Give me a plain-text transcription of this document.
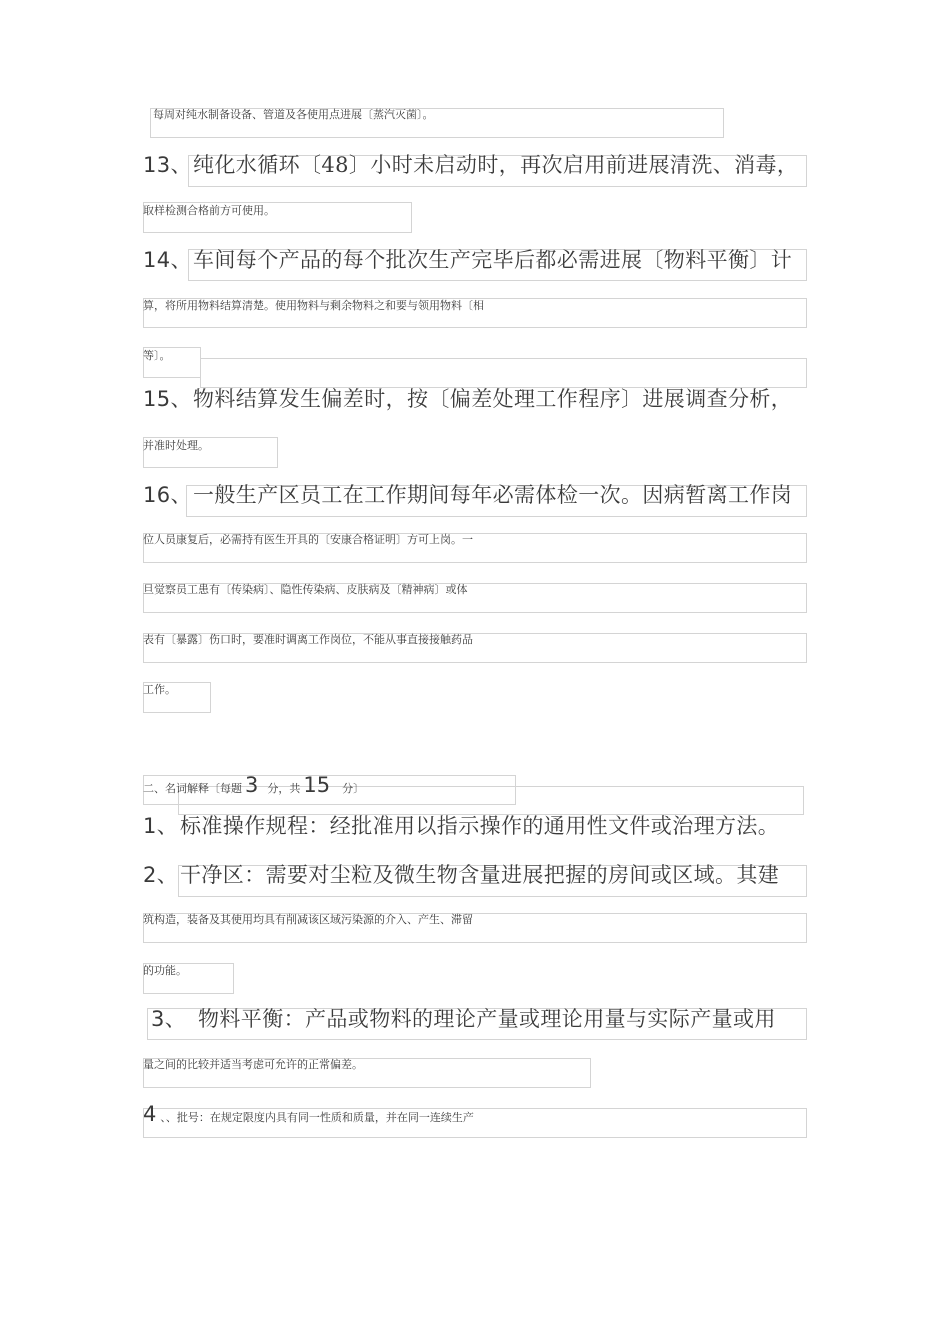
每周对纯水制备设备、管道及各使用点进展〔蒸汽灭菌〕。
13、 纯化水循环〔48〕小时未启动时，再次启用前进展清洗、消毒，
取样检测合格前方可使用。
14、 车间每个产品的每个批次生产完毕后都必需进展〔物料平衡〕计
算，将所用物料结算清楚。使用物料与剩余物料之和要与领用物料〔相
等〕。
15、 物料结算发生偏差时，按〔偏差处理工作程序〕进展调查分析，
并准时处理。
16、 一般生产区员工在工作期间每年必需体检一次。因病暂离工作岗
位人员康复后，必需持有医生开具的〔安康合格证明〕方可上岗。一
旦觉察员工患有〔传染病〕、隐性传染病、皮肤病及〔精神病〕或体
表有〔暴露〕伤口时，要准时调离工作岗位，不能从事直接接触药品
工作。
二、名词解释〔每题 3 分，共 15 分〕
1、 标准操作规程：经批准用以指示操作的通用性文件或治理方法。
2、 干净区：需要对尘粒及微生物含量进展把握的房间或区域。其建
筑构造，装备及其使用均具有削减该区域污染源的介入、产生、滞留
的功能。
3、 物料平衡：产品或物料的理论产量或理论用量与实际产量或用
量之间的比较并适当考虑可允许的正常偏差。
4 、、批号：在规定限度内具有同一性质和质量，并在同一连续生产
